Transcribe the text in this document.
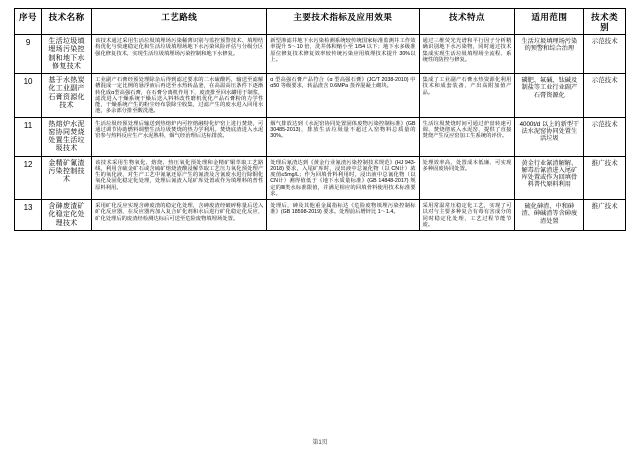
序号	技术名称	工艺路线	主要技术指标及应用效果	技术特点	适用范围	技术类别
9	生活垃圾填埋场污染控制和地下水修复技术	该技术通过采用生活垃圾填埋场污染稀薄识别与监控预警技术、填埋结构优化与快速稳定化和生活垃圾填埋场地下水污染风险评估与分级分区强化修复技术，实现生活垃圾填埋场污染控制和地下水修复。	新型渗滤井地下水污染检测系统较传统国家标准监测井工作效率提升 5～10 倍，洗井体积缩小至 1/54 以下；地下水多级准原位修复技术修复效率较传统污染应用填埋技术提升 30%以上。	通过三维荧光光谱和平行因子分析精确识别地下水污染物，同时通过技术集成实现生活垃圾填埋场全流程、系统性的防控与修复。	生活垃圾填埋场污染的预警和综合治理	示范技术
10	基于水热炭化工业副产石膏资源化技术	工业副产石膏经预处理除杂后得到滤过要求的二水硫酸钙，输送至滤解槽混成一定比例的悬浮液后再送至水热转晶釜，在高温高压条件下逐渐转化成α型高强石膏，在石膏分离机作用下，废渣排至回水罐用于制浆，滤洗进入干燥系统干燥后送入料料改性磨机优化产品石膏粉的力学性能，干燥系统产生的粉尘经布袋除尘收集，过滤产生的废水进入回用水池，多余部分排至酸洗池。	α 型高强石膏产品符合《α 型高强石膏》(JC/T 2038-2010) 中 α50 等级要求，转晶渣含 0.6MPa 蒸养混凝土砌块。	集成了工业副产石膏水热资源化利用技术和成套装备，产出高附加值产品。	磷肥、氟碱、钛碱及制盐等工业行业副产石膏资源化	示范技术
11	热熔炉水泥窑协同焚烧处置生活垃圾技术	生活垃圾经预处理后输送到热熔炉内可控熔融特化炉窑上进行焚烧，可通过调节协助燃料调整生活垃圾焚烧的热力学利用。焚烧底渣进入水泥窑参与热料反应生产水泥熟料，烟气经治理后达标排放。	烟气排放达到《水泥窑协同处置固体废物污染控制标准》(GB 30485-2013)，排放生活垃圾量不超过入窑物料总质量的30%。	生活垃圾焚烧时间可通过炉盘转速可调、焚烧彻底入水泥窑、提供了直接焚烧产生反应窑加工生系统的评价。	4000t/d 以上的新型干法水泥窑协同处置生活垃圾	示范技术
12	金精矿氰渣污染控制技术	该技术采用生物氧化、熔烧、热压氧化预处理和金精矿铜萃取工艺路线，利用含硫金矿石或含硫矿熔烧渣酸浸解萃取工艺压力氧化预处理产生的氧化液，对生产工艺中氰氰还原产生的氰渣及含氰废水进行除铜化氧化及固化稳定化处理，处理后氰渣入尾矿库处置或作为填埋料的普性原料利用。	处理后氰渣达到《黄金行业氰渣污染控制技术规范》(HJ 943-2018) 要求，入尾矿库时，浸出液中总氰化物（以 CN计）浓度值≤5mg/L；作为回填骨料利用时，浸出液中总氰化物（以 CN计）测得值低于《地下水质量标准》(GB 14848-2017) 规定的Ⅲ类水标准限值，并满足相应的回填骨料使用技术标准要求。	处理效率高、处置成本低廉、可实现多种固废协同处置。	黄金行业氰渣解解、解毒后氰渣进入尾矿库处置或作为回填骨料普代原料利用	推广技术
13	含砷废渣矿化稳定化处理技术	采用矿化反应实现含砷废渣的稳定化处理，含砷废渣经破碎称量后送入矿化反应器，在反应器内加入复合矿化剂和水后进行矿化稳定化反应，矿化处理后的废渣经检测达标后可送至危险废物填埋场处置。	处理后，砷及其他重金属指标达《危险废物填埋污染控制标准》(GB 18598-2019) 要求。处理前后增锌比 1～1.4。	采用常温常压稳定化工艺，实现了可以对与主要多种复合有毒有害成分的同时稳定化处理，工艺过程节能节废。	硫化砷渣、中和砷渣、砷碱渣等含砷废渣处置	推广技术
第1页
